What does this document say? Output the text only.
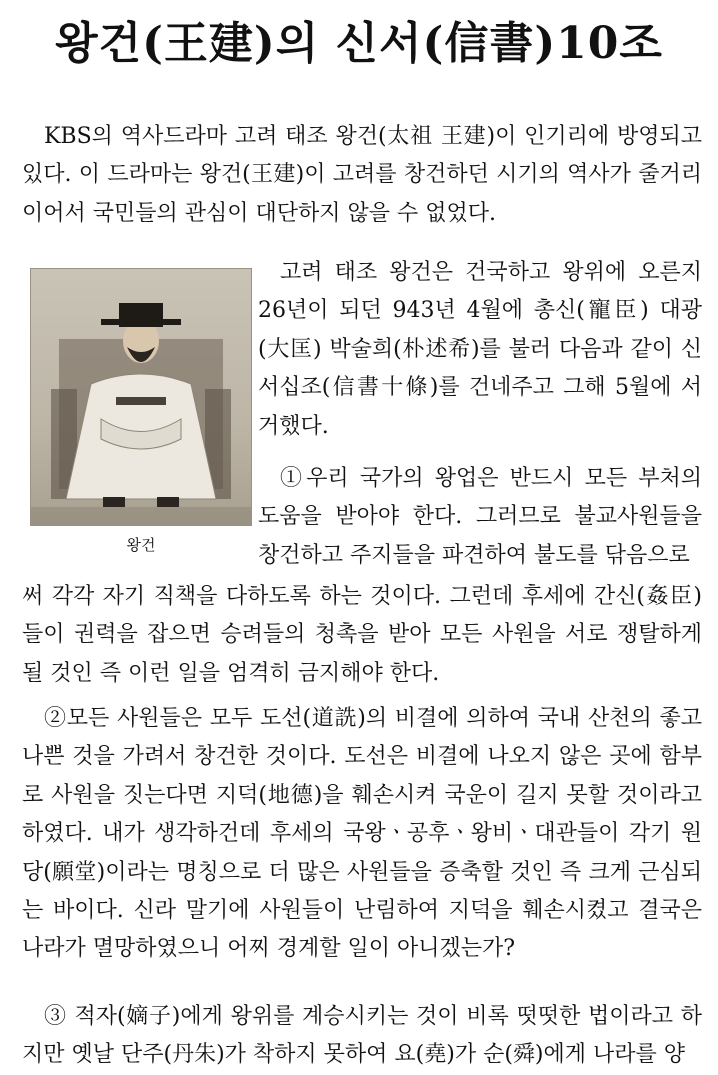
왕건(王建)의 신서(信書)10조

KBS의 역사드라마 고려 태조 왕건(太祖 王建)이 인기리에 방영되고 있다. 이 드라마는 왕건(王建)이 고려를 창건하던 시기의 역사가 줄거리이어서 국민들의 관심이 대단하지 않을 수 없었다.

왕건

고려 태조 왕건은 건국하고 왕위에 오른지 26년이 되던 943년 4월에 총신(寵臣) 대광(大匡) 박술희(朴述希)를 불러 다음과 같이 신서십조(信書十條)를 건네주고 그해 5월에 서거했다.

①우리 국가의 왕업은 반드시 모든 부처의 도움을 받아야 한다. 그러므로 불교사원들을 창건하고 주지들을 파견하여 불도를 닦음으로

써 각각 자기 직책을 다하도록 하는 것이다. 그런데 후세에 간신(姦臣)들이 권력을 잡으면 승려들의 청촉을 받아 모든 사원을 서로 쟁탈하게 될 것인 즉 이런 일을 엄격히 금지해야 한다.

②모든 사원들은 모두 도선(道詵)의 비결에 의하여 국내 산천의 좋고 나쁜 것을 가려서 창건한 것이다. 도선은 비결에 나오지 않은 곳에 함부로 사원을 짓는다면 지덕(地德)을 훼손시켜 국운이 길지 못할 것이라고 하였다. 내가 생각하건데 후세의 국왕ㆍ공후ㆍ왕비ㆍ대관들이 각기 원당(願堂)이라는 명칭으로 더 많은 사원들을 증축할 것인 즉 크게 근심되는 바이다. 신라 말기에 사원들이 난림하여 지덕을 훼손시켰고 결국은 나라가 멸망하였으니 어찌 경계할 일이 아니겠는가?

③ 적자(嫡子)에게 왕위를 계승시키는 것이 비록 떳떳한 법이라고 하지만 옛날 단주(丹朱)가 착하지 못하여 요(堯)가 순(舜)에게 나라를 양
